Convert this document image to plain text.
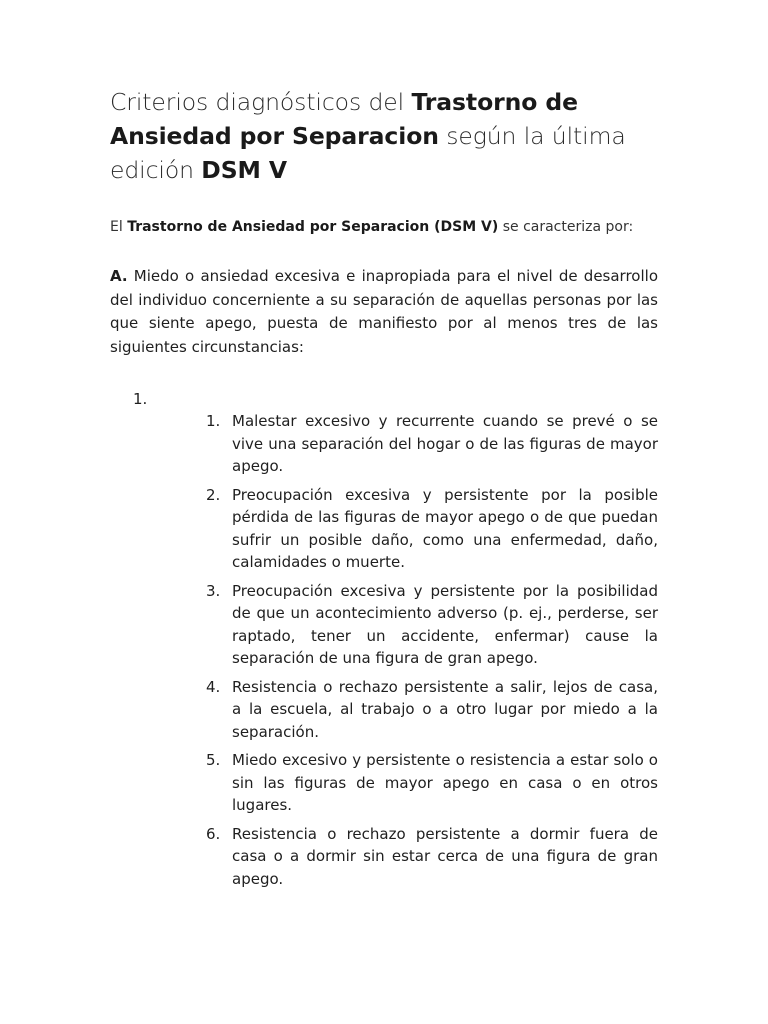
Criterios diagnósticos del Trastorno de Ansiedad por Separacion según la última edición DSM V

El Trastorno de Ansiedad por Separacion (DSM V) se caracteriza por:

A. Miedo o ansiedad excesiva e inapropiada para el nivel de desarrollo del individuo concerniente a su separación de aquellas personas por las que siente apego, puesta de manifiesto por al menos tres de las siguientes circunstancias:

1.
1. Malestar excesivo y recurrente cuando se prevé o se vive una separación del hogar o de las figuras de mayor apego.
2. Preocupación excesiva y persistente por la posible pérdida de las figuras de mayor apego o de que puedan sufrir un posible daño, como una enfermedad, daño, calamidades o muerte.
3. Preocupación excesiva y persistente por la posibilidad de que un acontecimiento adverso (p. ej., perderse, ser raptado, tener un accidente, enfermar) cause la separación de una figura de gran apego.
4. Resistencia o rechazo persistente a salir, lejos de casa, a la escuela, al trabajo o a otro lugar por miedo a la separación.
5. Miedo excesivo y persistente o resistencia a estar solo o sin las figuras de mayor apego en casa o en otros lugares.
6. Resistencia o rechazo persistente a dormir fuera de casa o a dormir sin estar cerca de una figura de gran apego.
